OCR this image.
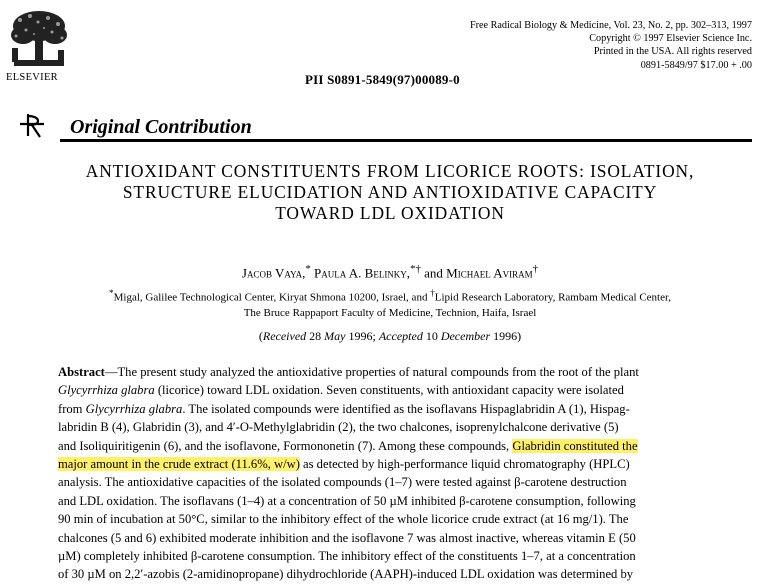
ELSEVIER
Free Radical Biology & Medicine, Vol. 23, No. 2, pp. 302–313, 1997
Copyright © 1997 Elsevier Science Inc.
Printed in the USA. All rights reserved
0891-5849/97 $17.00 + .00
PII S0891-5849(97)00089-0
Original Contribution
ANTIOXIDANT CONSTITUENTS FROM LICORICE ROOTS: ISOLATION,
STRUCTURE ELUCIDATION AND ANTIOXIDATIVE CAPACITY
TOWARD LDL OXIDATION
Jacob Vaya,* Paula A. Belinky,*† and Michael Aviram†
*Migal, Galilee Technological Center, Kiryat Shmona 10200, Israel, and †Lipid Research Laboratory, Rambam Medical Center,
The Bruce Rappaport Faculty of Medicine, Technion, Haifa, Israel
(Received 28 May 1996; Accepted 10 December 1996)
Abstract—The present study analyzed the antioxidative properties of natural compounds from the root of the plant
Glycyrrhiza glabra (licorice) toward LDL oxidation. Seven constituents, with antioxidant capacity were isolated
from Glycyrrhiza glabra. The isolated compounds were identified as the isoflavans Hispaglabridin A (1), Hispag-
labridin B (4), Glabridin (3), and 4′-O-Methylglabridin (2), the two chalcones, isoprenylchalcone derivative (5)
and Isoliquiritigenin (6), and the isoflavone, Formononetin (7). Among these compounds, Glabridin constituted the
major amount in the crude extract (11.6%, w/w) as detected by high-performance liquid chromatography (HPLC)
analysis. The antioxidative capacities of the isolated compounds (1–7) were tested against β-carotene destruction
and LDL oxidation. The isoflavans (1–4) at a concentration of 50 µM inhibited β-carotene consumption, following
90 min of incubation at 50°C, similar to the inhibitory effect of the whole licorice crude extract (at 16 mg/1). The
chalcones (5 and 6) exhibited moderate inhibition and the isoflavone 7 was almost inactive, whereas vitamin E (50
µM) completely inhibited β-carotene consumption. The inhibitory effect of the constituents 1–7, at a concentration
of 30 µM on 2,2′-azobis (2-amidinopropane) dihydrochloride (AAPH)-induced LDL oxidation was determined by
